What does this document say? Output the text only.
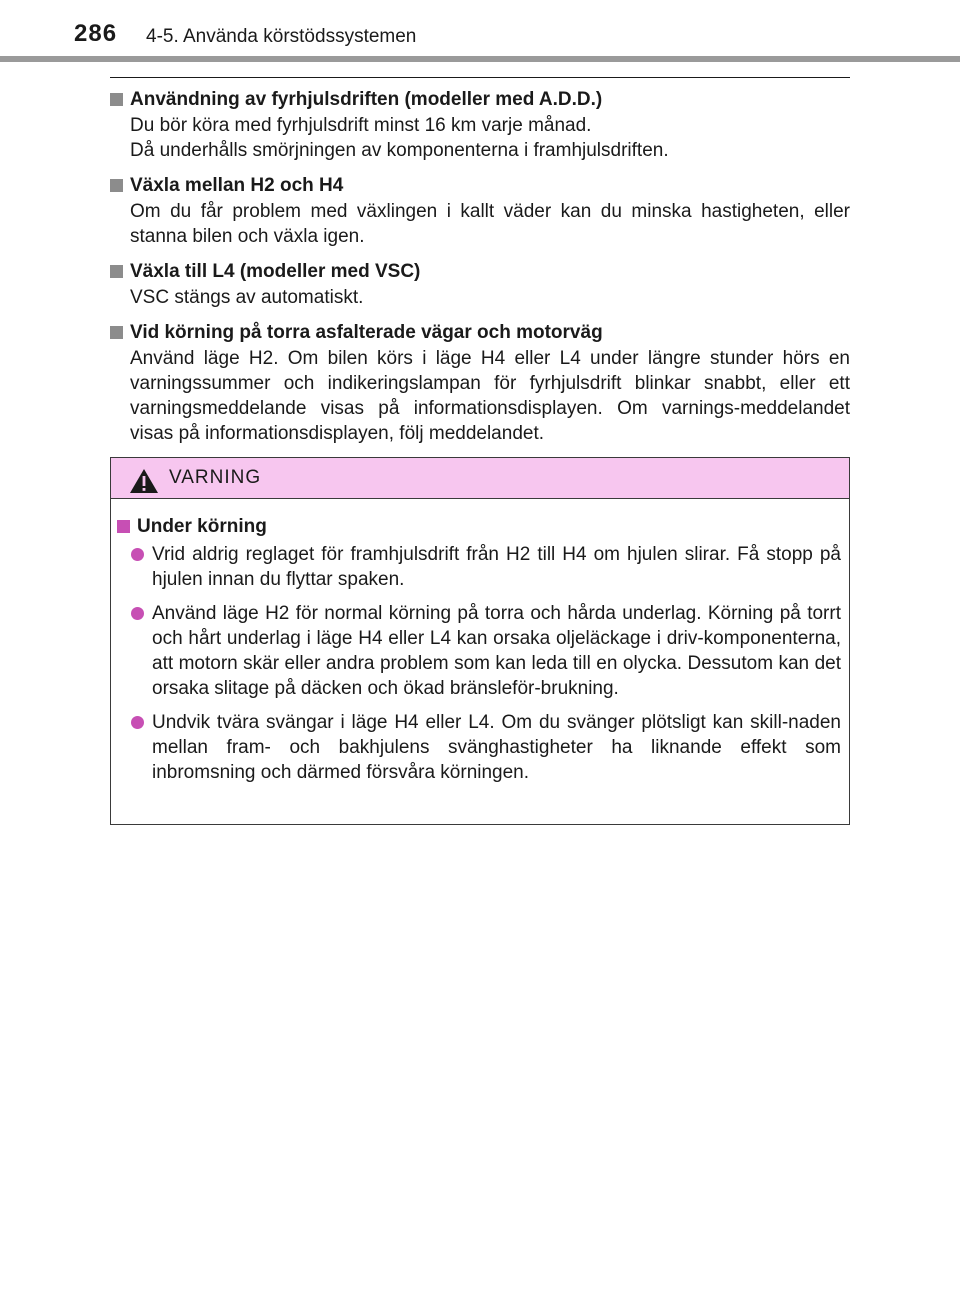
286 4-5. Använda körstödssystemen
Användning av fyrhjulsdriften (modeller med A.D.D.)

Du bör köra med fyrhjulsdrift minst 16 km varje månad.

Då underhålls smörjningen av komponenterna i framhjulsdriften.

Växla mellan H2 och H4

Om du får problem med växlingen i kallt väder kan du minska hastigheten, eller stanna bilen och växla igen.

Växla till L4 (modeller med VSC)

VSC stängs av automatiskt.

Vid körning på torra asfalterade vägar och motorväg

Använd läge H2. Om bilen körs i läge H4 eller L4 under längre stunder hörs en varningssummer och indikeringslampan för fyrhjulsdrift blinkar snabbt, eller ett varningsmeddelande visas på informationsdisplayen. Om varnings-meddelandet visas på informationsdisplayen, följ meddelandet.

VARNING
Under körning
Vrid aldrig reglaget för framhjulsdrift från H2 till H4 om hjulen slirar. Få stopp på hjulen innan du flyttar spaken.
Använd läge H2 för normal körning på torra och hårda underlag. Körning på torrt och hårt underlag i läge H4 eller L4 kan orsaka oljeläckage i driv-komponenterna, att motorn skär eller andra problem som kan leda till en olycka. Dessutom kan det orsaka slitage på däcken och ökad bränsleför-brukning.
Undvik tvära svängar i läge H4 eller L4. Om du svänger plötsligt kan skill-naden mellan fram- och bakhjulens svänghastigheter ha liknande effekt som inbromsning och därmed försvåra körningen.
